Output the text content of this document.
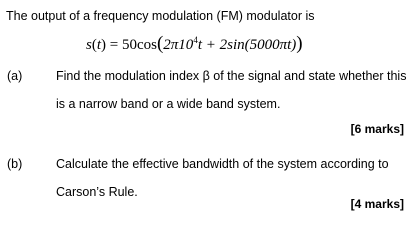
The output of a frequency modulation (FM) modulator is
$s(t) = 50\cos(2\pi 10^4t + 2\sin(5000\pi t))$
(a)	Find the modulation index β of the signal and state whether this is a narrow band or a wide band system.
[6 marks]
(b)	Calculate the effective bandwidth of the system according to Carson’s Rule.
[4 marks]
